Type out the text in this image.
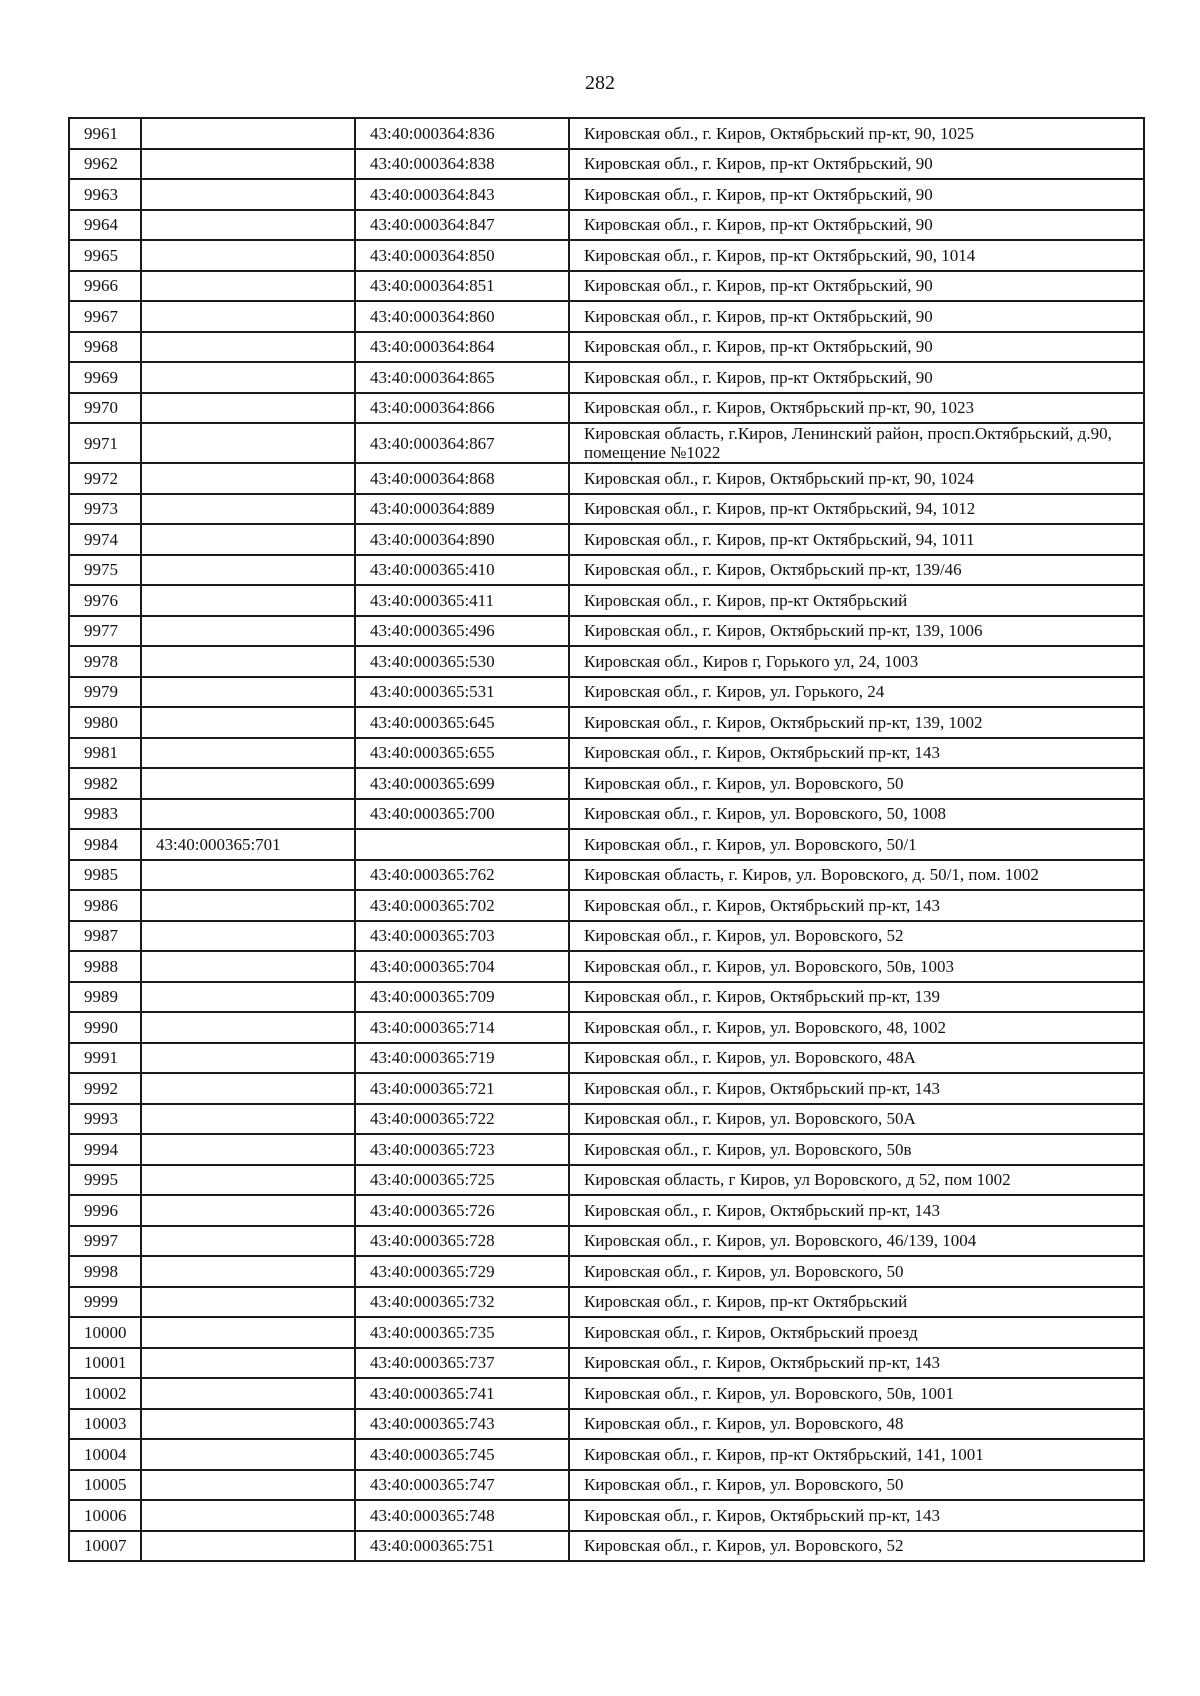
282
9961		43:40:000364:836	Кировская обл., г. Киров, Октябрьский пр-кт, 90, 1025
9962		43:40:000364:838	Кировская обл., г. Киров, пр-кт Октябрьский, 90
9963		43:40:000364:843	Кировская обл., г. Киров, пр-кт Октябрьский, 90
9964		43:40:000364:847	Кировская обл., г. Киров, пр-кт Октябрьский, 90
9965		43:40:000364:850	Кировская обл., г. Киров, пр-кт Октябрьский, 90, 1014
9966		43:40:000364:851	Кировская обл., г. Киров, пр-кт Октябрьский, 90
9967		43:40:000364:860	Кировская обл., г. Киров, пр-кт Октябрьский, 90
9968		43:40:000364:864	Кировская обл., г. Киров, пр-кт Октябрьский, 90
9969		43:40:000364:865	Кировская обл., г. Киров, пр-кт Октябрьский, 90
9970		43:40:000364:866	Кировская обл., г. Киров, Октябрьский пр-кт, 90, 1023
9971		43:40:000364:867	Кировская область, г.Киров, Ленинский район, просп.Октябрьский, д.90, помещение №1022
9972		43:40:000364:868	Кировская обл., г. Киров, Октябрьский пр-кт, 90, 1024
9973		43:40:000364:889	Кировская обл., г. Киров, пр-кт Октябрьский, 94, 1012
9974		43:40:000364:890	Кировская обл., г. Киров, пр-кт Октябрьский, 94, 1011
9975		43:40:000365:410	Кировская обл., г. Киров, Октябрьский пр-кт, 139/46
9976		43:40:000365:411	Кировская обл., г. Киров, пр-кт Октябрьский
9977		43:40:000365:496	Кировская обл., г. Киров, Октябрьский пр-кт, 139, 1006
9978		43:40:000365:530	Кировская обл., Киров г, Горького ул, 24, 1003
9979		43:40:000365:531	Кировская обл., г. Киров, ул. Горького, 24
9980		43:40:000365:645	Кировская обл., г. Киров, Октябрьский пр-кт, 139, 1002
9981		43:40:000365:655	Кировская обл., г. Киров, Октябрьский пр-кт, 143
9982		43:40:000365:699	Кировская обл., г. Киров, ул. Воровского, 50
9983		43:40:000365:700	Кировская обл., г. Киров, ул. Воровского, 50, 1008
9984	43:40:000365:701		Кировская обл., г. Киров, ул. Воровского, 50/1
9985		43:40:000365:762	Кировская область, г. Киров, ул. Воровского, д. 50/1, пом. 1002
9986		43:40:000365:702	Кировская обл., г. Киров, Октябрьский пр-кт, 143
9987		43:40:000365:703	Кировская обл., г. Киров, ул. Воровского, 52
9988		43:40:000365:704	Кировская обл., г. Киров, ул. Воровского, 50в, 1003
9989		43:40:000365:709	Кировская обл., г. Киров, Октябрьский пр-кт, 139
9990		43:40:000365:714	Кировская обл., г. Киров, ул. Воровского, 48, 1002
9991		43:40:000365:719	Кировская обл., г. Киров, ул. Воровского, 48А
9992		43:40:000365:721	Кировская обл., г. Киров, Октябрьский пр-кт, 143
9993		43:40:000365:722	Кировская обл., г. Киров, ул. Воровского, 50А
9994		43:40:000365:723	Кировская обл., г. Киров, ул. Воровского, 50в
9995		43:40:000365:725	Кировская область, г Киров, ул Воровского, д 52, пом 1002
9996		43:40:000365:726	Кировская обл., г. Киров, Октябрьский пр-кт, 143
9997		43:40:000365:728	Кировская обл., г. Киров, ул. Воровского, 46/139, 1004
9998		43:40:000365:729	Кировская обл., г. Киров, ул. Воровского, 50
9999		43:40:000365:732	Кировская обл., г. Киров, пр-кт Октябрьский
10000		43:40:000365:735	Кировская обл., г. Киров, Октябрьский проезд
10001		43:40:000365:737	Кировская обл., г. Киров, Октябрьский пр-кт, 143
10002		43:40:000365:741	Кировская обл., г. Киров, ул. Воровского, 50в, 1001
10003		43:40:000365:743	Кировская обл., г. Киров, ул. Воровского, 48
10004		43:40:000365:745	Кировская обл., г. Киров, пр-кт Октябрьский, 141, 1001
10005		43:40:000365:747	Кировская обл., г. Киров, ул. Воровского, 50
10006		43:40:000365:748	Кировская обл., г. Киров, Октябрьский пр-кт, 143
10007		43:40:000365:751	Кировская обл., г. Киров, ул. Воровского, 52
